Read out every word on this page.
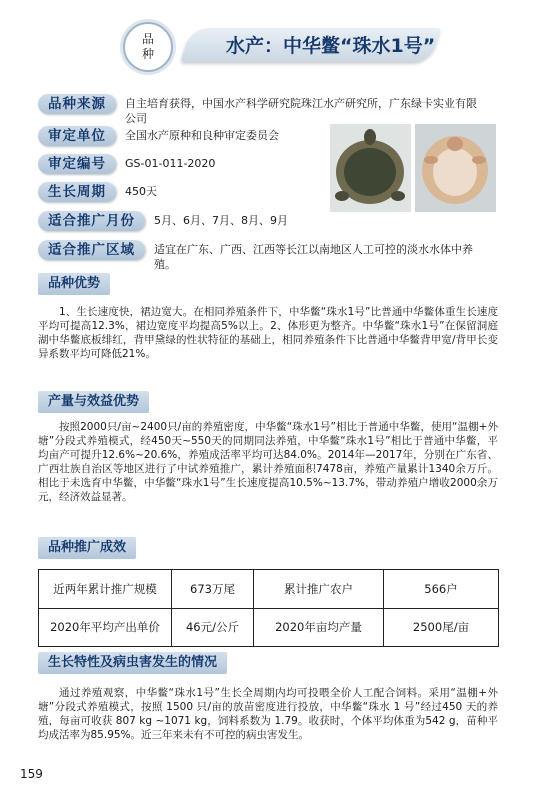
品
种	水产：中华鳖“珠水1号”
品种来源	自主培育获得，中国水产科学研究院珠江水产研究所，广东绿卡实业有限公司
审定单位	全国水产原种和良种审定委员会
审定编号	GS-01-011-2020
生长周期	450天
适合推广月份	5月、6月、7月、8月、9月
适合推广区域	适宜在广东、广西、江西等长江以南地区人工可控的淡水水体中养殖。
品种优势

1、生长速度快，裙边宽大。在相同养殖条件下，中华鳖“珠水1号”比普通中华鳖体重生长速度平均可提高12.3%，裙边宽度平均提高5%以上。2、体形更为整齐。中华鳖“珠水1号”在保留洞庭湖中华鳖底板绯红，背甲黛绿的性状特征的基础上，相同养殖条件下比普通中华鳖背甲宽/背甲长变异系数平均可降低21%。

产量与效益优势

按照2000只/亩~2400只/亩的养殖密度，中华鳖“珠水1号”相比于普通中华鳖，使用“温棚+外塘”分段式养殖模式，经450天~550天的同期同法养殖，中华鳖“珠水1号”相比于普通中华鳖，平均亩产可提升12.6%~20.6%，养殖成活率平均可达84.0%。2014年—2017年，分别在广东省、广西壮族自治区等地区进行了中试养殖推广，累计养殖面积7478亩，养殖产量累计1340余万斤。相比于未选育中华鳖，中华鳖“珠水1号”生长速度提高10.5%~13.7%，带动养殖户增收2000余万元，经济效益显著。

品种推广成效
近两年累计推广规模	673万尾	累计推广农户	566户
2020年平均产出单价	46元/公斤	2020年亩均产量	2500尾/亩
生长特性及病虫害发生的情况

通过养殖观察，中华鳖“珠水1号”生长全周期内均可投喂全价人工配合饲料。采用“温棚+外塘”分段式养殖模式，按照 1500 只/亩的放苗密度进行投放，中华鳖“珠水 1 号”经过450 天的养殖，每亩可收获 807 kg ~1071 kg，饲料系数为 1.79。收获时，个体平均体重为542 g，苗种平均成活率为85.95%。近三年来未有不可控的病虫害发生。

159
